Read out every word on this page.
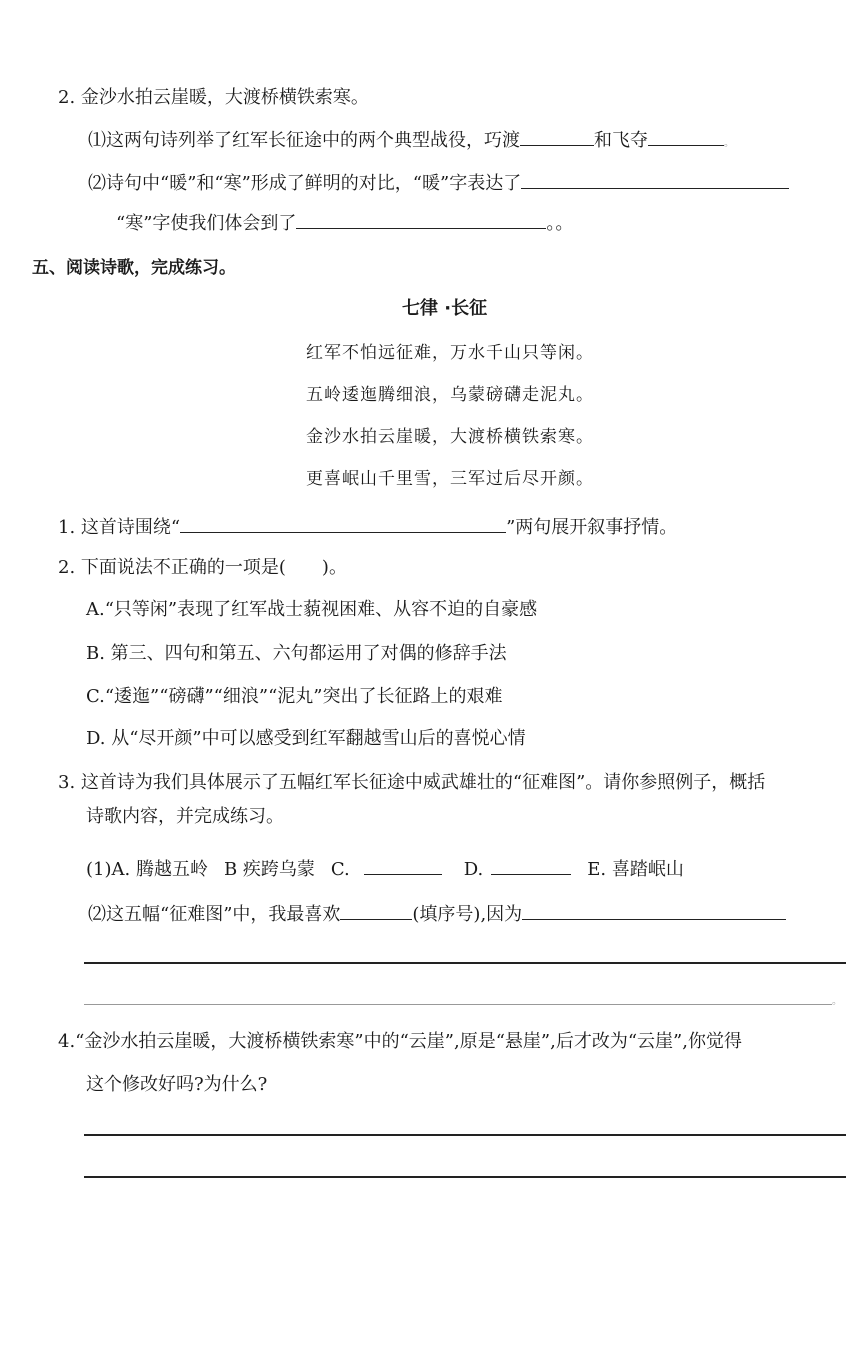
2. 金沙水拍云崖暖，大渡桥横铁索寒。
⑴这两句诗列举了红军长征途中的两个典型战役，巧渡	和飞夺	。
⑵诗句中“暖”和“寒”形成了鲜明的对比，“暖”字表达了
“寒”字使我们体会到了	。。
五、阅读诗歌，完成练习。
七律 ·长征
红军不怕远征难，万水千山只等闲。
五岭逶迤腾细浪，乌蒙磅礴走泥丸。
金沙水拍云崖暖，大渡桥横铁索寒。
更喜岷山千里雪，三军过后尽开颜。
1. 这首诗围绕“	”两句展开叙事抒情。
2. 下面说法不正确的一项是(　　)。
A.“只等闲”表现了红军战士藐视困难、从容不迫的自豪感
B. 第三、四句和第五、六句都运用了对偶的修辞手法
C.“逶迤”“磅礴”“细浪”“泥丸”突出了长征路上的艰难
D. 从“尽开颜”中可以感受到红军翻越雪山后的喜悦心情
3. 这首诗为我们具体展示了五幅红军长征途中威武雄壮的“征难图”。请你参照例子，概括
诗歌内容，并完成练习。
(1)A. 腾越五岭 B 疾跨乌蒙 C.	D.	E. 喜踏岷山
⑵这五幅“征难图”中，我最喜欢	(填序号),因为
。
4.“金沙水拍云崖暖，大渡桥横铁索寒”中的“云崖”,原是“悬崖”,后才改为“云崖”,你觉得
这个修改好吗?为什么?
